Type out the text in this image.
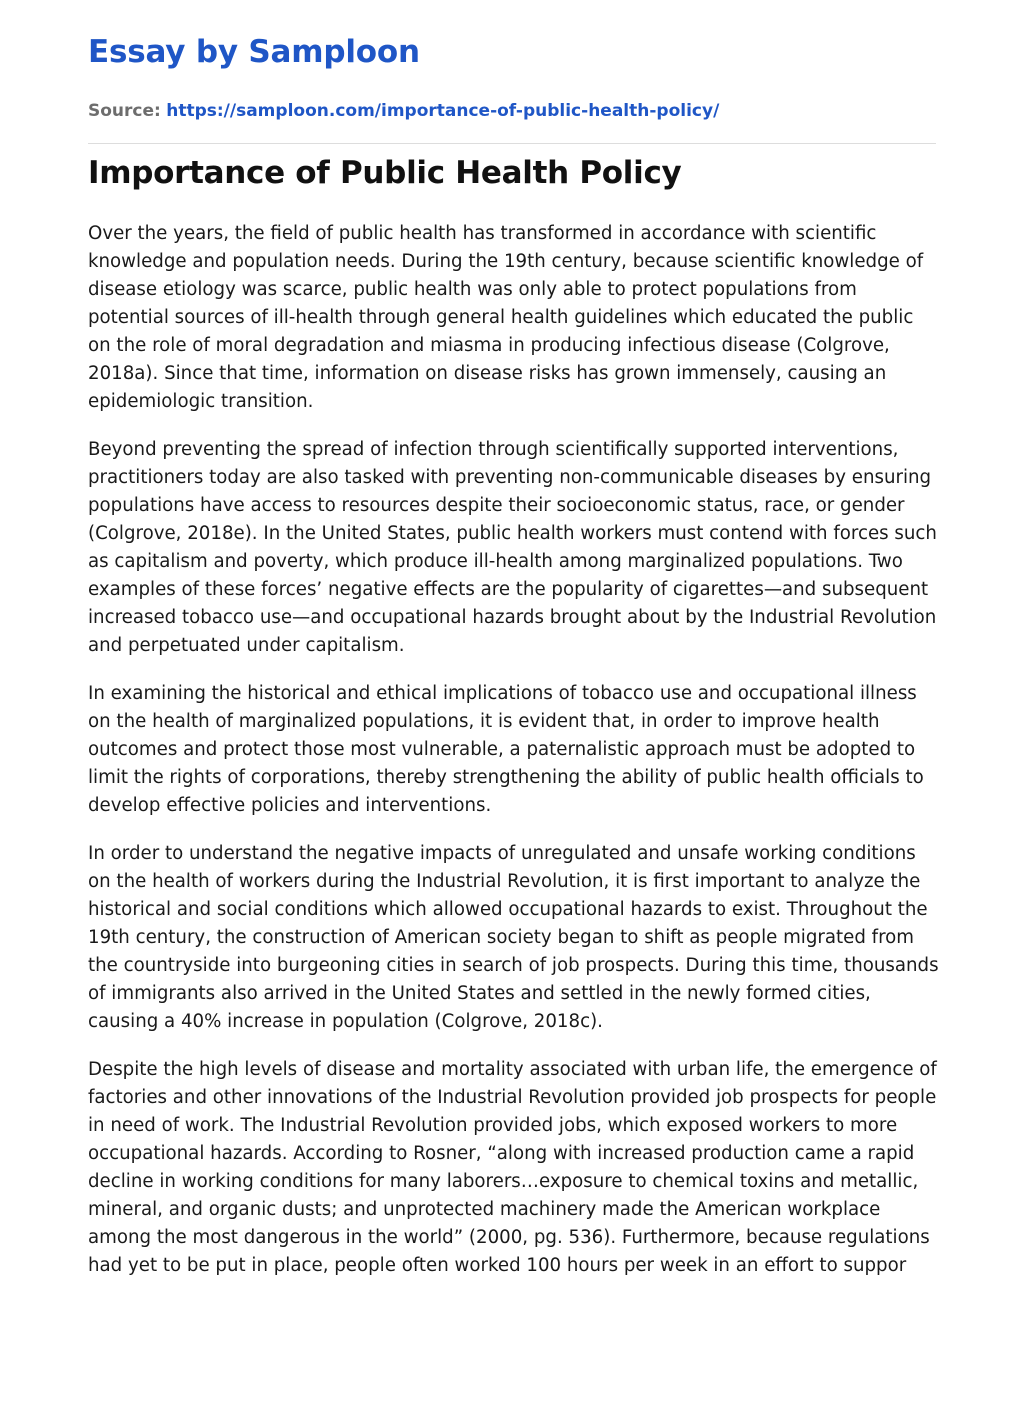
Essay by Samploon
Source: https://samploon.com/importance-of-public-health-policy/
Importance of Public Health Policy

Over the years, the field of public health has transformed in accordance with scientific knowledge and population needs. During the 19th century, because scientific knowledge of disease etiology was scarce, public health was only able to protect populations from potential sources of ill-health through general health guidelines which educated the public on the role of moral degradation and miasma in producing infectious disease (Colgrove, 2018a). Since that time, information on disease risks has grown immensely, causing an epidemiologic transition.

Beyond preventing the spread of infection through scientifically supported interventions, practitioners today are also tasked with preventing non-communicable diseases by ensuring populations have access to resources despite their socioeconomic status, race, or gender (Colgrove, 2018e). In the United States, public health workers must contend with forces such as capitalism and poverty, which produce ill-health among marginalized populations. Two examples of these forces’ negative effects are the popularity of cigarettes—and subsequent increased tobacco use—and occupational hazards brought about by the Industrial Revolution and perpetuated under capitalism.

In examining the historical and ethical implications of tobacco use and occupational illness on the health of marginalized populations, it is evident that, in order to improve health outcomes and protect those most vulnerable, a paternalistic approach must be adopted to limit the rights of corporations, thereby strengthening the ability of public health officials to develop effective policies and interventions.

In order to understand the negative impacts of unregulated and unsafe working conditions on the health of workers during the Industrial Revolution, it is first important to analyze the historical and social conditions which allowed occupational hazards to exist. Throughout the 19th century, the construction of American society began to shift as people migrated from the countryside into burgeoning cities in search of job prospects. During this time, thousands of immigrants also arrived in the United States and settled in the newly formed cities, causing a 40% increase in population (Colgrove, 2018c).

Despite the high levels of disease and mortality associated with urban life, the emergence of factories and other innovations of the Industrial Revolution provided job prospects for people in need of work. The Industrial Revolution provided jobs, which exposed workers to more occupational hazards. According to Rosner, “along with increased production came a rapid decline in working conditions for many laborers…exposure to chemical toxins and metallic, mineral, and organic dusts; and unprotected machinery made the American workplace among the most dangerous in the world” (2000, pg. 536). Furthermore, because regulations had yet to be put in place, people often worked 100 hours per week in an effort to suppor
